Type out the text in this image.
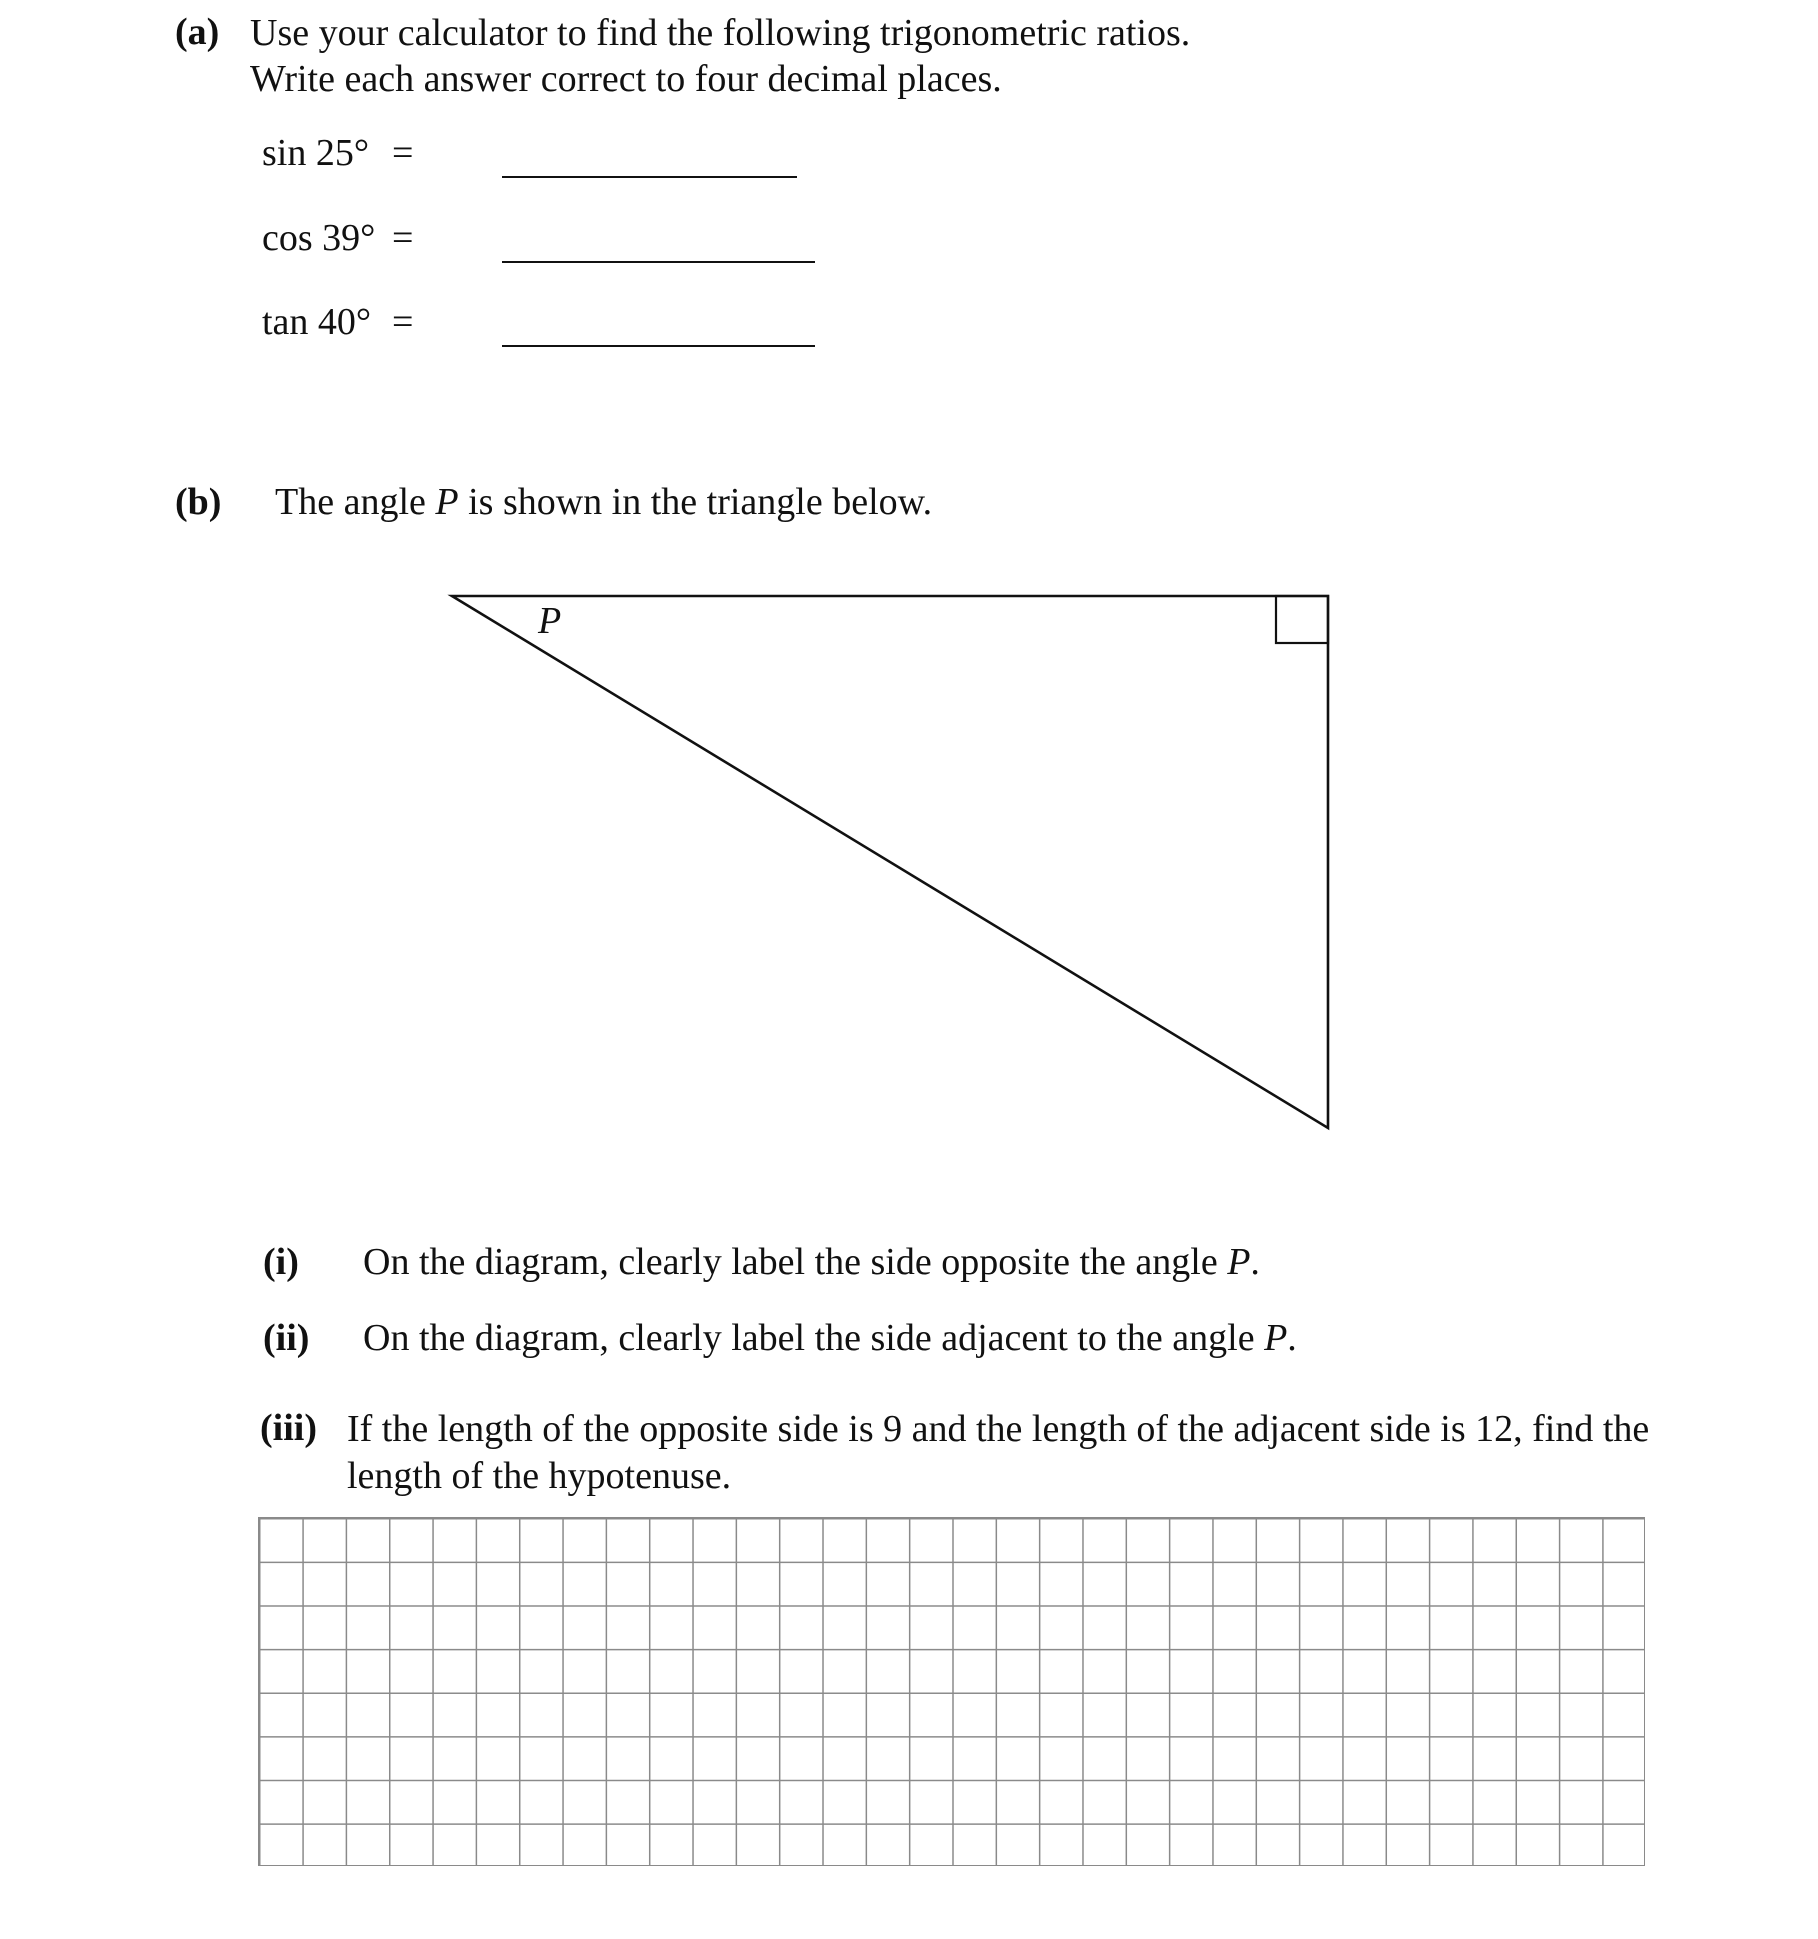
(a) Use your calculator to find the following trigonometric ratios.
Write each answer correct to four decimal places.
sin 25° =
cos 39° =
tan 40° =
(b) The angle P is shown in the triangle below.
P
(i) On the diagram, clearly label the side opposite the angle P.
(ii) On the diagram, clearly label the side adjacent to the angle P.
(iii) If the length of the opposite side is 9 and the length of the adjacent side is 12, find the
length of the hypotenuse.
